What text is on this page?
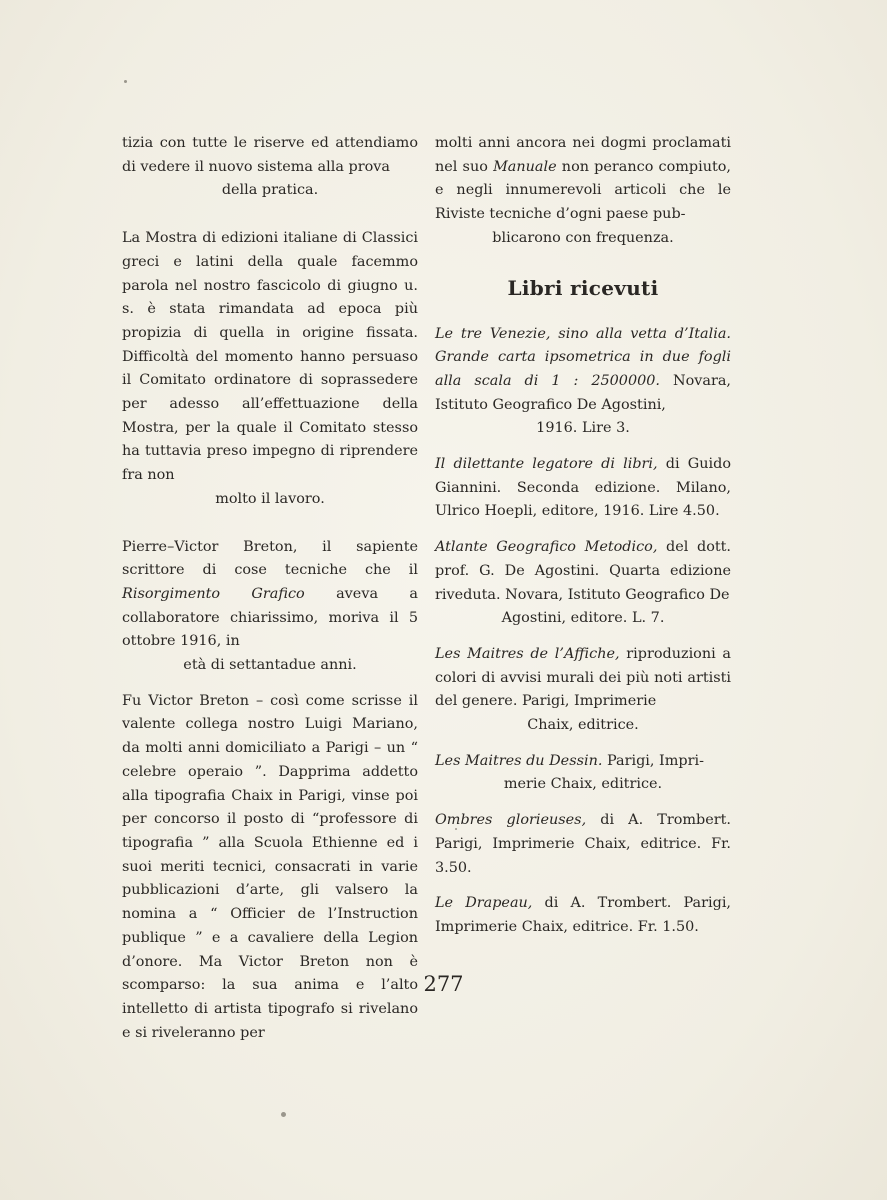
tizia con tutte le riserve ed attendiamo di vedere il nuovo sistema alla prova

della pratica.

La Mostra di edizioni italiane di Classici greci e latini della quale facemmo parola nel nostro fascicolo di giugno u. s. è stata rimandata ad epoca più propizia di quella in origine fissata. Difficoltà del momento hanno persuaso il Comitato ordinatore di soprassedere per adesso all’effettuazione della Mostra, per la quale il Comitato stesso ha tuttavia preso impegno di riprendere fra non

molto il lavoro.

Pierre–Victor Breton, il sapiente scrittore di cose tecniche che il Risorgimento Grafico aveva a collaboratore chiarissimo, moriva il 5 ottobre 1916, in

età di settantadue anni.

Fu Victor Breton – così come scrisse il valente collega nostro Luigi Mariano, da molti anni domiciliato a Parigi – un “ celebre operaio ”. Dapprima addetto alla tipografia Chaix in Parigi, vinse poi per concorso il posto di “professore di tipografia ” alla Scuola Ethienne ed i suoi meriti tecnici, consacrati in varie pubblicazioni d’arte, gli valsero la nomina a “ Officier de l’Instruction publique ” e a cavaliere della Legion d’onore. Ma Victor Breton non è scomparso: la sua anima e l’alto intelletto di artista tipografo si rivelano e si riveleranno per

molti anni ancora nei dogmi proclamati nel suo Manuale non peranco compiuto, e negli innumerevoli articoli che le Riviste tecniche d’ogni paese pub-

blicarono con frequenza.

Libri ricevuti

Le tre Venezie, sino alla vetta d’Italia. Grande carta ipsometrica in due fogli alla scala di 1 : 2500000. Novara, Istituto Geografico De Agostini,

1916. Lire 3.

Il dilettante legatore di libri, di Guido Giannini. Seconda edizione. Milano, Ulrico Hoepli, editore, 1916. Lire 4.50.

Atlante Geografico Metodico, del dott. prof. G. De Agostini. Quarta edizione riveduta. Novara, Istituto Geografico De

Agostini, editore. L. 7.

Les Maitres de l’Affiche, riproduzioni a colori di avvisi murali dei più noti artisti del genere. Parigi, Imprimerie

Chaix, editrice.

Les Maitres du Dessin. Parigi, Impri-

merie Chaix, editrice.

Ombres glorieuses, di A. Trombert. Parigi, Imprimerie Chaix, editrice. Fr. 3.50.

Le Drapeau, di A. Trombert. Parigi, Imprimerie Chaix, editrice. Fr. 1.50.

277
